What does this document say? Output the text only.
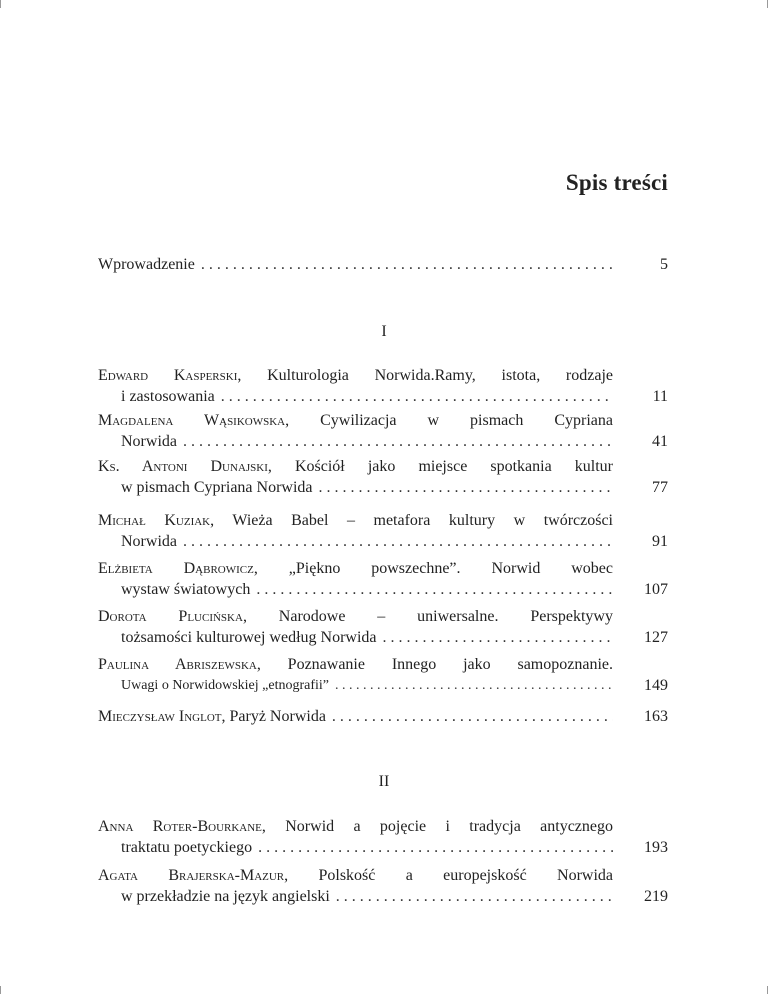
Spis treści
Wprowadzenie . . .	5
I
Edward Kasperski, Kulturologia Norwida.Ramy, istota, rodzaje
i zastosowania . . .	11
Magdalena Wąsikowska, Cywilizacja w pismach Cypriana
Norwida . . .	41
Ks. Antoni Dunajski, Kościół jako miejsce spotkania kultur
w pismach Cypriana Norwida . . .	77
Michał Kuziak, Wieża Babel – metafora kultury w twórczości
Norwida . . .	91
Elżbieta Dąbrowicz, „Piękno powszechne”. Norwid wobec
wystaw światowych . . .	107
Dorota Plucińska, Narodowe – uniwersalne. Perspektywy
tożsamości kulturowej według Norwida . . .	127
Paulina Abriszewska, Poznawanie Innego jako samopoznanie.
Uwagi o Norwidowskiej „etnografii” . . .	149
Mieczysław Inglot, Paryż Norwida . . .	163
II
Anna Roter-Bourkane, Norwid a pojęcie i tradycja antycznego
traktatu poetyckiego . . .	193
Agata Brajerska-Mazur, Polskość a europejskość Norwida
w przekładzie na język angielski . . .	219
